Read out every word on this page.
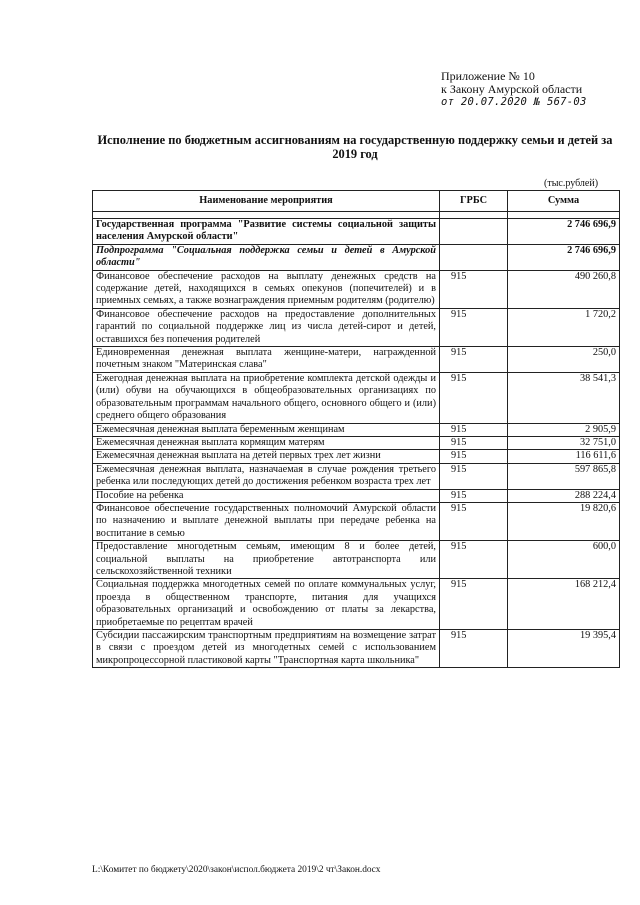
Приложение № 10
к Закону Амурской области
от 20.07.2020 № 567-03
Исполнение по бюджетным ассигнованиям на государственную поддержку семьи и детей за 2019 год
(тыс.рублей)
Наименование мероприятия	ГРБС	Сумма

Государственная программа "Развитие системы социальной защиты населения Амурской области"		2 746 696,9
Подпрограмма "Социальная поддержка семьи и детей в Амурской области"		2 746 696,9
Финансовое обеспечение расходов на выплату денежных средств на содержание детей, находящихся в семьях опекунов (попечителей) и в приемных семьях, а также вознаграждения приемным родителям (родителю)	915	490 260,8
Финансовое обеспечение расходов на предоставление дополнительных гарантий по социальной поддержке лиц из числа детей-сирот и детей, оставшихся без попечения родителей	915	1 720,2
Единовременная денежная выплата женщине-матери, награжденной почетным знаком "Материнская слава"	915	250,0
Ежегодная денежная выплата на приобретение комплекта детской одежды и (или) обуви на обучающихся в общеобразовательных организациях по образовательным программам начального общего, основного общего и (или) среднего общего образования	915	38 541,3
Ежемесячная денежная выплата беременным женщинам	915	2 905,9
Ежемесячная денежная выплата кормящим матерям	915	32 751,0
Ежемесячная денежная выплата на детей первых трех лет жизни	915	116 611,6
Ежемесячная денежная выплата, назначаемая в случае рождения третьего ребенка или последующих детей до достижения ребенком возраста трех лет	915	597 865,8
Пособие на ребенка	915	288 224,4
Финансовое обеспечение государственных полномочий Амурской области по назначению и выплате денежной выплаты при передаче ребенка на воспитание в семью	915	19 820,6
Предоставление многодетным семьям, имеющим 8 и более детей, социальной выплаты на приобретение автотранспорта или сельскохозяйственной техники	915	600,0
Социальная поддержка многодетных семей по оплате коммунальных услуг, проезда в общественном транспорте, питания для учащихся образовательных организаций и освобождению от платы за лекарства, приобретаемые по рецептам врачей	915	168 212,4
Субсидии пассажирским транспортным предприятиям на возмещение затрат в связи с проездом детей из многодетных семей с использованием микропроцессорной пластиковой карты "Транспортная карта школьника"	915	19 395,4
L:\Комитет по бюджету\2020\закон\испол.бюджета 2019\2 чт\Закон.docx
